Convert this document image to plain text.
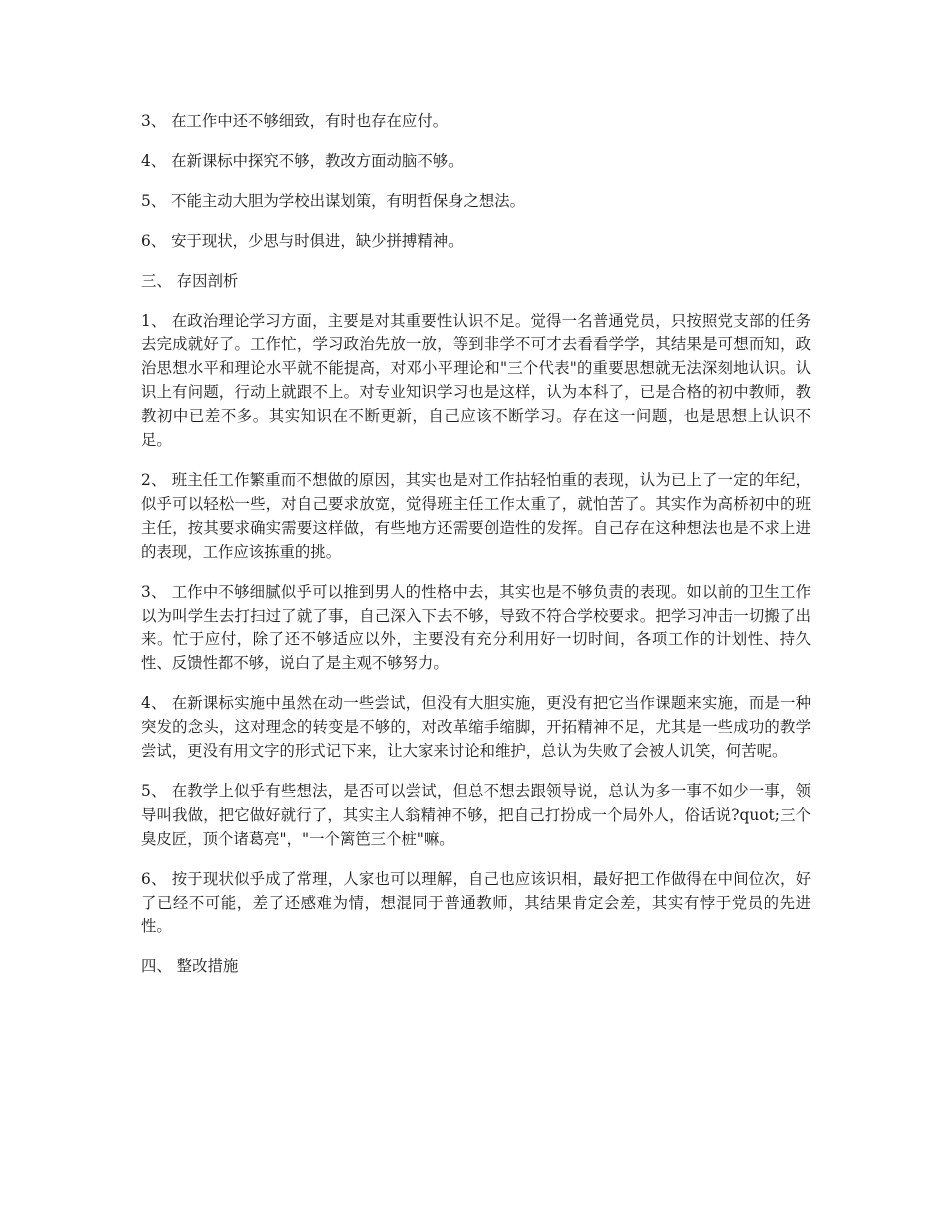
3、 在工作中还不够细致，有时也存在应付。

4、 在新课标中探究不够，教改方面动脑不够。

5、 不能主动大胆为学校出谋划策，有明哲保身之想法。

6、 安于现状，少思与时俱进，缺少拼搏精神。

三、 存因剖析

1、 在政治理论学习方面，主要是对其重要性认识不足。觉得一名普通党员，只按照党支部的任务去完成就好了。工作忙，学习政治先放一放，等到非学不可才去看看学学，其结果是可想而知，政治思想水平和理论水平就不能提高，对邓小平理论和"三个代表"的重要思想就无法深刻地认识。认识上有问题，行动上就跟不上。对专业知识学习也是这样，认为本科了，已是合格的初中教师，教教初中已差不多。其实知识在不断更新，自己应该不断学习。存在这一问题，也是思想上认识不足。

2、 班主任工作繁重而不想做的原因，其实也是对工作拈轻怕重的表现，认为已上了一定的年纪，似乎可以轻松一些，对自己要求放宽，觉得班主任工作太重了，就怕苦了。其实作为高桥初中的班主任，按其要求确实需要这样做，有些地方还需要创造性的发挥。自己存在这种想法也是不求上进的表现，工作应该拣重的挑。

3、 工作中不够细腻似乎可以推到男人的性格中去，其实也是不够负责的表现。如以前的卫生工作以为叫学生去打扫过了就了事，自己深入下去不够，导致不符合学校要求。把学习冲击一切搬了出来。忙于应付，除了还不够适应以外，主要没有充分利用好一切时间，各项工作的计划性、持久性、反馈性都不够，说白了是主观不够努力。

4、 在新课标实施中虽然在动一些尝试，但没有大胆实施，更没有把它当作课题来实施，而是一种突发的念头，这对理念的转变是不够的，对改革缩手缩脚，开拓精神不足，尤其是一些成功的教学尝试，更没有用文字的形式记下来，让大家来讨论和维护，总认为失败了会被人讥笑，何苦呢。

5、 在教学上似乎有些想法，是否可以尝试，但总不想去跟领导说，总认为多一事不如少一事，领导叫我做，把它做好就行了，其实主人翁精神不够，把自己打扮成一个局外人，俗话说?quot;三个臭皮匠，顶个诸葛亮"，"一个篱笆三个桩"嘛。

6、 按于现状似乎成了常理，人家也可以理解，自己也应该识相，最好把工作做得在中间位次，好了已经不可能，差了还感难为情，想混同于普通教师，其结果肯定会差，其实有悖于党员的先进性。

四、 整改措施
